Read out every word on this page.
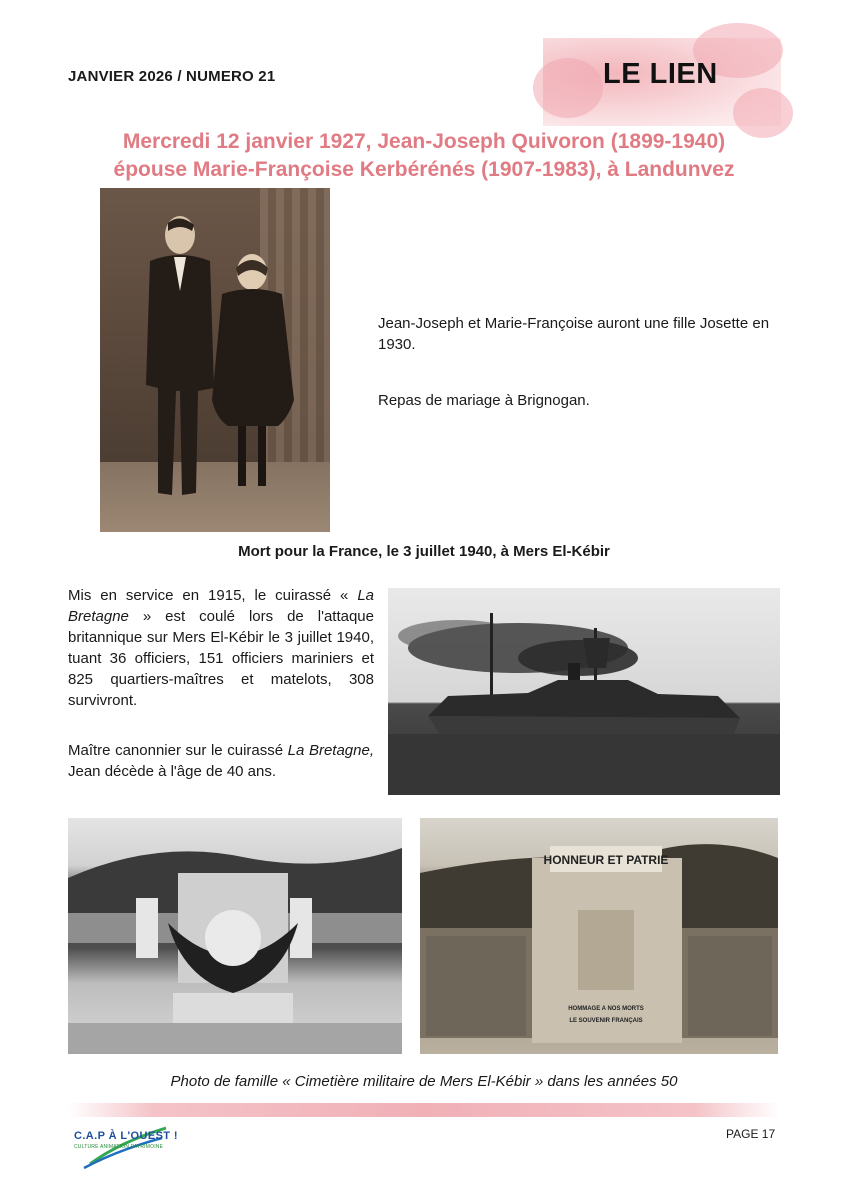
JANVIER 2026 / NUMERO 21	LE LIEN
Mercredi 12 janvier 1927, Jean-Joseph Quivoron (1899-1940)
épouse Marie-Françoise Kerbérénés (1907-1983), à Landunvez
Jean-Joseph et Marie-Françoise auront une fille Josette en 1930.
Repas de mariage à Brignogan.
Mort pour la France, le 3 juillet 1940, à Mers El-Kébir
Mis en service en 1915, le cuirassé « La Bretagne » est coulé lors de l'attaque britannique sur Mers El-Kébir le 3 juillet 1940, tuant 36 officiers, 151 officiers mariniers et 825 quartiers-maîtres et matelots, 308 survivront.
Maître canonnier sur le cuirassé La Bretagne, Jean décède à l'âge de 40 ans.
HONNEUR ET PATRIE
HOMMAGE A NOS MORTS
LE SOUVENIR FRANÇAIS
Photo de famille « Cimetière militaire de Mers El-Kébir » dans les années 50
C.A.P À L'OUEST !
CULTURE ANIMATION PATRIMOINE
PAGE 17
